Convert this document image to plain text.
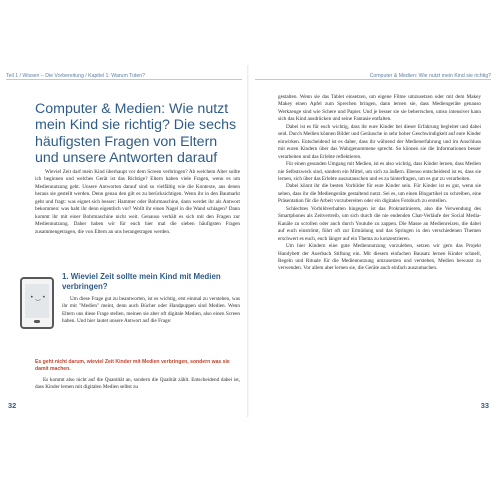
Teil 1 / Wissen – Die Vorbereitung / Kapitel 1: Warum Tuten?
Computer & Medien: Wie nutzt mein Kind sie richtig? Die sechs häufigsten Fragen von Eltern und unsere Antworten darauf

Wieviel Zeit darf mein Kind überhaupt vor dem Screen verbringen? Ab welchem Alter sollte ich beginnen und welches Gerät ist das Richtige? Eltern haben viele Fragen, wenn es um Mediennutzung geht. Unsere Antworten darauf sind so vielfältig wie die Kontexte, aus denen heraus sie gestellt werden. Denn genau den gilt es zu berücksichtigen. Wenn ihr in den Baumarkt geht und fragt: was eignet sich besser: Hammer oder Bohrmaschine, dann werdet ihr als Antwort bekommen: was habt ihr denn eigentlich vor? Wollt ihr einen Nagel in die Wand schlagen? Dann kommt ihr mit einer Bohrmaschine nicht weit. Genauso verhält es sich mit den Fragen zur Mediennutzung. Daher haben wir für euch hier mal die sieben häufigsten Fragen zusammengetragen, die von Eltern an uns herangetragen werden.

• ‿ •
1. Wieviel Zeit sollte mein Kind mit Medien verbringen?

Um diese Frage gut zu beantworten, ist es wichtig, erst einmal zu verstehen, was ihr mit "Medien" meint, denn auch Bücher oder Handpuppen sind Medien. Wenn Eltern uns diese Frage stellen, meinen sie aber oft digitale Medien, also einen Screen haben. Und hier lautet unsere Antwort auf die Frage:

Es geht nicht darum, wieviel Zeit Kinder mit Medien verbringen, sondern was sie damit machen.

Es kommt also nicht auf die Quantität an, sondern die Qualität zählt. Entscheidend dabei ist, dass Kinder lernen mit digitalen Medien selbst zu

32
Computer & Medien: Wie nutzt mein Kind sie richtig?

gestalten. Wenn sie das Tablet einsetzen, um eigene Filme umzusetzen oder mit dem Makey Makey einen Apfel zum Sprechen bringen, dann lernen sie, dass Mediengeräte genauso Werkzeuge sind wie Schere und Papier. Und je besser sie sie beherrschen, umso intensiver kann sich das Kind ausdrücken und seine Fantasie entfalten.

Dabei ist es für euch wichtig, dass ihr eure Kinder bei dieser Erfahrung begleitet und dabei seid. Durch Medien können Bilder und Geräusche in sehr hoher Geschwindigkeit auf eure Kinder einwirken. Entscheidend ist es daher, dass ihr während der Medienerfahrung und im Anschluss mit euren Kindern über das Wahrgenommene sprecht. So können sie die Informationen besser verarbeiten und das Erlebte reflektieren.

Für einen gesunden Umgang mit Medien, ist es also wichtig, dass Kinder lernen, dass Medien nie Selbstzweck sind, sondern ein Mittel, um sich zu äußern. Ebenso entscheidend ist es, dass sie lernen, sich über das Erlebte auszutauschen und es zu hinterfragen, um es gut zu verarbeiten.

Dabei könnt ihr die besten Vorbilder für eure Kinder sein. Für Kinder ist es gut, wenn sie sehen, dass ihr die Mediengeräte gestaltend nutzt. Sei es, um einen Blogartikel zu schreiben, eine Präsentation für die Arbeit vorzubereiten oder ein digitales Fotobuch zu erstellen.

Schlechtes Vorbildverhalten hingegen ist das Prokrastinieren, also die Verwendung des Smartphones als Zeitvertreib, um sich durch die nie endenden Chat-Verläufe der Social Media-Kanäle zu scrollen oder auch durch Youtube zu zappen. Die Masse an Medienreizen, die dabei auf euch einströmt, führt oft zur Ermüdung und das Springen in den verschiedenen Themen erschwert es euch, euch länger auf ein Thema zu konzentrieren.

Um hier Kindern eine gute Mediennutzung vorzuleben, setzen wir gern das Projekt Handybett der Auerbach Stiftung ein. Mit diesem einfachen Bausatz lernen Kinder schnell, Regeln und Rituale für die Mediennutzung umzusetzen und verstehen, Medien bewusst zu verwenden. Vor allem aber lernen sie, die Geräte auch einfach auszumachen.

33
